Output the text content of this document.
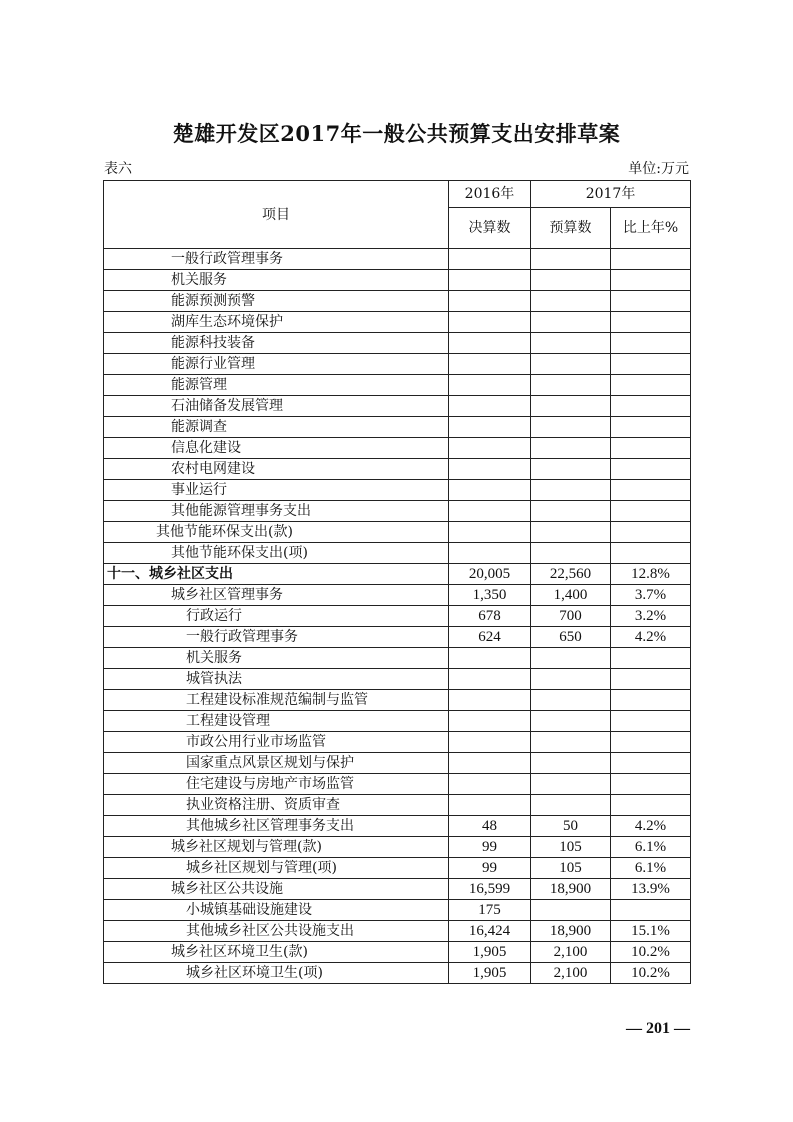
楚雄开发区2017年一般公共预算支出安排草案
表六	单位:万元
项目	2016年	2017年	
	决算数	预算数	比上年%
一般行政管理事务			
机关服务			
能源预测预警			
湖库生态环境保护			
能源科技装备			
能源行业管理			
能源管理			
石油储备发展管理			
能源调查			
信息化建设			
农村电网建设			
事业运行			
其他能源管理事务支出			
其他节能环保支出(款)			
其他节能环保支出(项)			
十一、城乡社区支出	20,005	22,560	12.8%
城乡社区管理事务	1,350	1,400	3.7%
行政运行	678	700	3.2%
一般行政管理事务	624	650	4.2%
机关服务			
城管执法			
工程建设标准规范编制与监管			
工程建设管理			
市政公用行业市场监管			
国家重点风景区规划与保护			
住宅建设与房地产市场监管			
执业资格注册、资质审查			
其他城乡社区管理事务支出	48	50	4.2%
城乡社区规划与管理(款)	99	105	6.1%
城乡社区规划与管理(项)	99	105	6.1%
城乡社区公共设施	16,599	18,900	13.9%
小城镇基础设施建设	175		
其他城乡社区公共设施支出	16,424	18,900	15.1%
城乡社区环境卫生(款)	1,905	2,100	10.2%
城乡社区环境卫生(项)	1,905	2,100	10.2%
— 201 —
